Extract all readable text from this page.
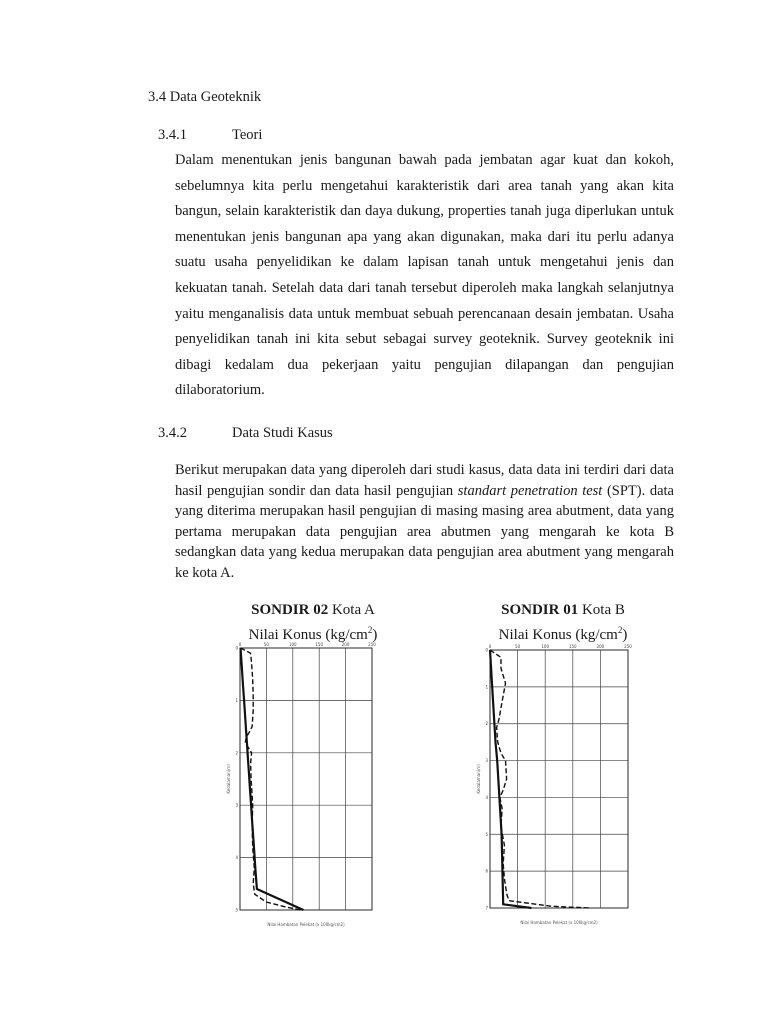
3.4 Data Geoteknik
3.4.1	Teori

Dalam menentukan jenis bangunan bawah pada jembatan agar kuat dan kokoh, sebelumnya kita perlu mengetahui karakteristik dari area tanah yang akan kita bangun, selain karakteristik dan daya dukung, properties tanah juga diperlukan untuk menentukan jenis bangunan apa yang akan digunakan, maka dari itu perlu adanya suatu usaha penyelidikan ke dalam lapisan tanah untuk mengetahui jenis dan kekuatan tanah. Setelah data dari tanah tersebut diperoleh maka langkah selanjutnya yaitu menganalisis data untuk membuat sebuah perencanaan desain jembatan. Usaha penyelidikan tanah ini kita sebut sebagai survey geoteknik. Survey geoteknik ini dibagi kedalam dua pekerjaan yaitu pengujian dilapangan dan pengujian dilaboratorium.

3.4.2	Data Studi Kasus

Berikut merupakan data yang diperoleh dari studi kasus, data data ini terdiri dari data hasil pengujian sondir dan data hasil pengujian standart penetration test (SPT). data yang diterima merupakan hasil pengujian di masing masing area abutment, data yang pertama merupakan data pengujian area abutmen yang mengarah ke kota B sedangkan data yang kedua merupakan data pengujian area abutment yang mengarah ke kota A.

SONDIR 02 Kota A
Nilai Konus $(kg/cm^2)$
SONDIR 01 Kota B
Nilai Konus $(kg/cm^2)$
0	50	100	150	200	250
0
1
2
3
4
5
Kedalaman(m)
Nilai Hambatan Pelekat (x 100kg/cm2)
0	50	100	150	200	250
0
1
2
3
4
5
6
7
Kedalaman(m)
Nilai Hambatan Pelekat (x 100kg/cm2)
